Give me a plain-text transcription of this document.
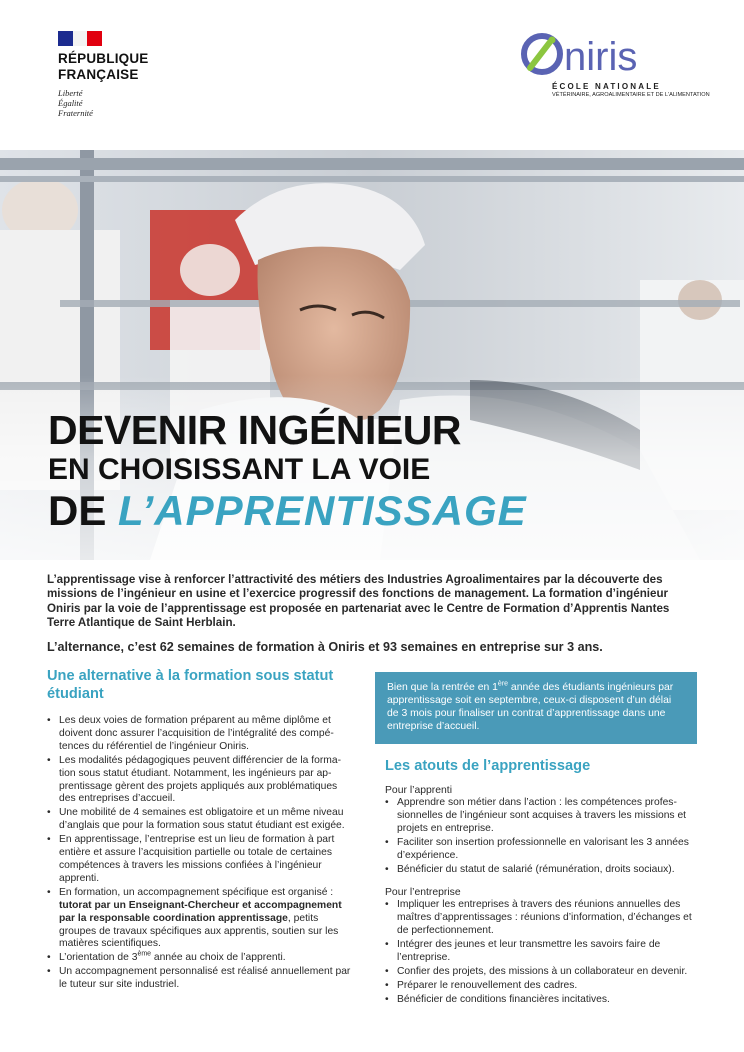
RÉPUBLIQUE
FRANÇAISE
Liberté
Égalité
Fraternité
niris
ÉCOLE NATIONALE
VÉTÉRINAIRE, AGROALIMENTAIRE ET DE L'ALIMENTATION
DEVENIR INGÉNIEUR
EN CHOISISSANT LA VOIE
DE L’APPRENTISSAGE

L’apprentissage vise à renforcer l’attractivité des métiers des Industries Agroalimentaires par la découverte des missions de l’ingénieur en usine et l’exercice progressif des fonctions de management. La formation d’ingénieur Oniris par la voie de l’apprentissage est proposée en partenariat avec le Centre de Formation d’Apprentis Nantes Terre Atlantique de Saint Herblain.

L’alternance, c’est 62 semaines de formation à Oniris et 93 semaines en entreprise sur 3 ans.

Une alternative à la formation sous statut
étudiant
• Les deux voies de formation préparent au même diplôme et doivent donc assurer l’acquisition de l’intégralité des compétences du référentiel de l’ingénieur Oniris.
• Les modalités pédagogiques peuvent différencier de la formation sous statut étudiant. Notamment, les ingénieurs par apprentissage gèrent des projets appliqués aux problématiques des entreprises d’accueil.
• Une mobilité de 4 semaines est obligatoire et un même niveau d’anglais que pour la formation sous statut étudiant est exigée.
• En apprentissage, l’entreprise est un lieu de formation à part entière et assure l’acquisition partielle ou totale de certaines compétences à travers les missions confiées à l’ingénieur apprenti.
• En formation, un accompagnement spécifique est organisé : tutorat par un Enseignant-Chercheur et accompagnement par la responsable coordination apprentissage, petits groupes de travaux spécifiques aux apprentis, soutien sur les matières scientifiques.
• L’orientation de 3ème année au choix de l’apprenti.
• Un accompagnement personnalisé est réalisé annuellement par le tuteur sur site industriel.
Bien que la rentrée en 1ère année des étudiants ingénieurs par apprentissage soit en septembre, ceux-ci disposent d’un délai de 3 mois pour finaliser un contrat d’apprentissage dans une entreprise d’accueil.
Les atouts de l’apprentissage
Pour l’apprenti
• Apprendre son métier dans l’action : les compétences professionnelles de l’ingénieur sont acquises à travers les missions et projets en entreprise.
• Faciliter son insertion professionnelle en valorisant les 3 années d’expérience.
• Bénéficier du statut de salarié (rémunération, droits sociaux).
Pour l’entreprise
• Impliquer les entreprises à travers des réunions annuelles des maîtres d’apprentissages : réunions d’information, d’échanges et de perfectionnement.
• Intégrer des jeunes et leur transmettre les savoirs faire de l’entreprise.
• Confier des projets, des missions à un collaborateur en devenir.
• Préparer le renouvellement des cadres.
• Bénéficier de conditions financières incitatives.
